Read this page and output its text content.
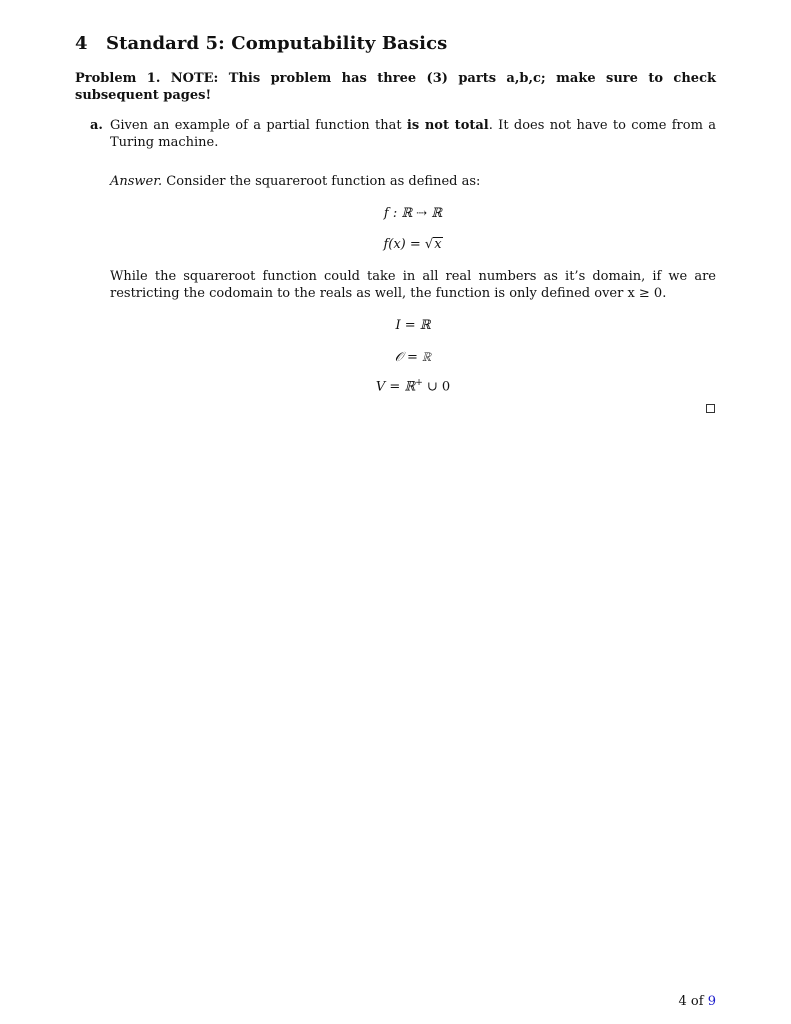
4 Standard 5: Computability Basics
Problem 1. NOTE: This problem has three (3) parts a,b,c; make sure to check subsequent pages!
a. Given an example of a partial function that is not total. It does not have to come from a Turing machine.
Answer. Consider the squareroot function as defined as:
f : ℝ ⇢ ℝ
f(x) = √x
While the squareroot function could take in all real numbers as it’s domain, if we are restricting the codomain to the reals as well, the function is only defined over x ≥ 0.
I = ℝ
𝒪 = ℝ
V = ℝ+ ∪ 0
4 of 9
